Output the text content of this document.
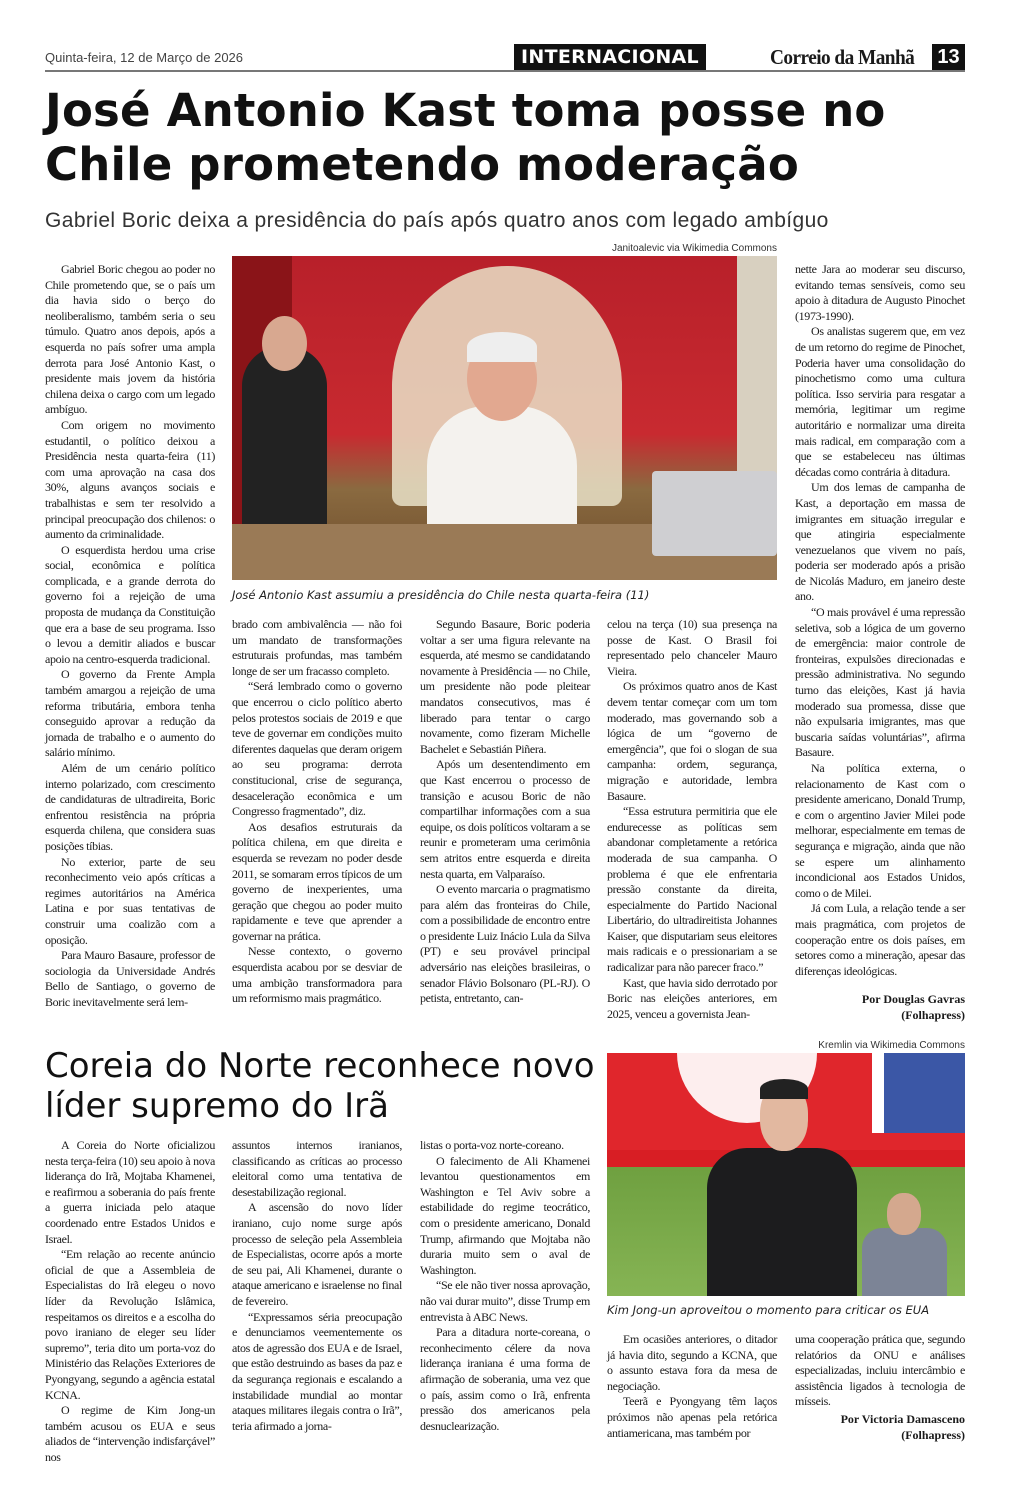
Quinta-feira, 12 de Março de 2026	INTERNACIONAL	Correio da Manhã 13
José Antonio Kast toma posse no Chile prometendo moderação
Gabriel Boric deixa a presidência do país após quatro anos com legado ambíguo
Janitoalevic via Wikimedia Commons
José Antonio Kast assumiu a presidência do Chile nesta quarta-feira (11)

Gabriel Boric chegou ao poder no Chile prometendo que, se o país um dia havia sido o berço do neoliberalismo, também seria o seu túmulo. Quatro anos depois, após a esquerda no país sofrer uma ampla derrota para José Antonio Kast, o presidente mais jovem da história chilena deixa o cargo com um legado ambíguo.

Com origem no movimento estudantil, o político deixou a Presidência nesta quarta-feira (11) com uma aprovação na casa dos 30%, alguns avanços sociais e trabalhistas e sem ter resolvido a principal preocupação dos chilenos: o aumento da criminalidade.

O esquerdista herdou uma crise social, econômica e política complicada, e a grande derrota do governo foi a rejeição de uma proposta de mudança da Constituição que era a base de seu programa. Isso o levou a demitir aliados e buscar apoio na centro-esquerda tradicional.

O governo da Frente Ampla também amargou a rejeição de uma reforma tributária, embora tenha conseguido aprovar a redução da jornada de trabalho e o aumento do salário mínimo.

Além de um cenário político interno polarizado, com crescimento de candidaturas de ultradireita, Boric enfrentou resistência na própria esquerda chilena, que considera suas posições tíbias.

No exterior, parte de seu reconhecimento veio após críticas a regimes autoritários na América Latina e por suas tentativas de construir uma coalizão com a oposição.

Para Mauro Basaure, professor de sociologia da Universidade Andrés Bello de Santiago, o governo de Boric inevitavelmente será lem-

brado com ambivalência — não foi um mandato de transformações estruturais profundas, mas também longe de ser um fracasso completo.

“Será lembrado como o governo que encerrou o ciclo político aberto pelos protestos sociais de 2019 e que teve de governar em condições muito diferentes daquelas que deram origem ao seu programa: derrota constitucional, crise de segurança, desaceleração econômica e um Congresso fragmentado”, diz.

Aos desafios estruturais da política chilena, em que direita e esquerda se revezam no poder desde 2011, se somaram erros típicos de um governo de inexperientes, uma geração que chegou ao poder muito rapidamente e teve que aprender a governar na prática.

Nesse contexto, o governo esquerdista acabou por se desviar de uma ambição transformadora para um reformismo mais pragmático.

Segundo Basaure, Boric poderia voltar a ser uma figura relevante na esquerda, até mesmo se candidatando novamente à Presidência — no Chile, um presidente não pode pleitear mandatos consecutivos, mas é liberado para tentar o cargo novamente, como fizeram Michelle Bachelet e Sebastián Piñera.

Após um desentendimento em que Kast encerrou o processo de transição e acusou Boric de não compartilhar informações com a sua equipe, os dois políticos voltaram a se reunir e prometeram uma cerimônia sem atritos entre esquerda e direita nesta quarta, em Valparaíso.

O evento marcaria o pragmatismo para além das fronteiras do Chile, com a possibilidade de encontro entre o presidente Luiz Inácio Lula da Silva (PT) e seu provável principal adversário nas eleições brasileiras, o senador Flávio Bolsonaro (PL-RJ). O petista, entretanto, can-

celou na terça (10) sua presença na posse de Kast. O Brasil foi representado pelo chanceler Mauro Vieira.

Os próximos quatro anos de Kast devem tentar começar com um tom moderado, mas governando sob a lógica de um “governo de emergência”, que foi o slogan de sua campanha: ordem, segurança, migração e autoridade, lembra Basaure.

“Essa estrutura permitiria que ele endurecesse as políticas sem abandonar completamente a retórica moderada de sua campanha. O problema é que ele enfrentaria pressão constante da direita, especialmente do Partido Nacional Libertário, do ultradireitista Johannes Kaiser, que disputariam seus eleitores mais radicais e o pressionariam a se radicalizar para não parecer fraco.”

Kast, que havia sido derrotado por Boric nas eleições anteriores, em 2025, venceu a governista Jean-

nette Jara ao moderar seu discurso, evitando temas sensíveis, como seu apoio à ditadura de Augusto Pinochet (1973-1990).

Os analistas sugerem que, em vez de um retorno do regime de Pinochet, Poderia haver uma consolidação do pinochetismo como uma cultura política. Isso serviria para resgatar a memória, legitimar um regime autoritário e normalizar uma direita mais radical, em comparação com a que se estabeleceu nas últimas décadas como contrária à ditadura.

Um dos lemas de campanha de Kast, a deportação em massa de imigrantes em situação irregular e que atingiria especialmente venezuelanos que vivem no país, poderia ser moderado após a prisão de Nicolás Maduro, em janeiro deste ano.

“O mais provável é uma repressão seletiva, sob a lógica de um governo de emergência: maior controle de fronteiras, expulsões direcionadas e pressão administrativa. No segundo turno das eleições, Kast já havia moderado sua promessa, disse que não expulsaria imigrantes, mas que buscaria saídas voluntárias”, afirma Basaure.

Na política externa, o relacionamento de Kast com o presidente americano, Donald Trump, e com o argentino Javier Milei pode melhorar, especialmente em temas de segurança e migração, ainda que não se espere um alinhamento incondicional aos Estados Unidos, como o de Milei.

Já com Lula, a relação tende a ser mais pragmática, com projetos de cooperação entre os dois países, em setores como a mineração, apesar das diferenças ideológicas.

Por Douglas Gavras
(Folhapress)
Coreia do Norte reconhece novo líder supremo do Irã
Kremlin via Wikimedia Commons
Kim Jong-un aproveitou o momento para criticar os EUA

A Coreia do Norte oficializou nesta terça-feira (10) seu apoio à nova liderança do Irã, Mojtaba Khamenei, e reafirmou a soberania do país frente a guerra iniciada pelo ataque coordenado entre Estados Unidos e Israel.

“Em relação ao recente anúncio oficial de que a Assembleia de Especialistas do Irã elegeu o novo líder da Revolução Islâmica, respeitamos os direitos e a escolha do povo iraniano de eleger seu líder supremo”, teria dito um porta-voz do Ministério das Relações Exteriores de Pyongyang, segundo a agência estatal KCNA.

O regime de Kim Jong-un também acusou os EUA e seus aliados de “intervenção indisfarçável” nos

assuntos internos iranianos, classificando as críticas ao processo eleitoral como uma tentativa de desestabilização regional.

A ascensão do novo líder iraniano, cujo nome surge após processo de seleção pela Assembleia de Especialistas, ocorre após a morte de seu pai, Ali Khamenei, durante o ataque americano e israelense no final de fevereiro.

“Expressamos séria preocupação e denunciamos veementemente os atos de agressão dos EUA e de Israel, que estão destruindo as bases da paz e da segurança regionais e escalando a instabilidade mundial ao montar ataques militares ilegais contra o Irã”, teria afirmado a jorna-

listas o porta-voz norte-coreano.

O falecimento de Ali Khamenei levantou questionamentos em Washington e Tel Aviv sobre a estabilidade do regime teocrático, com o presidente americano, Donald Trump, afirmando que Mojtaba não duraria muito sem o aval de Washington.

“Se ele não tiver nossa aprovação, não vai durar muito”, disse Trump em entrevista à ABC News.

Para a ditadura norte-coreana, o reconhecimento célere da nova liderança iraniana é uma forma de afirmação de soberania, uma vez que o país, assim como o Irã, enfrenta pressão dos americanos pela desnuclearização.

Em ocasiões anteriores, o ditador já havia dito, segundo a KCNA, que o assunto estava fora da mesa de negociação.

Teerã e Pyongyang têm laços próximos não apenas pela retórica antiamericana, mas também por

uma cooperação prática que, segundo relatórios da ONU e análises especializadas, incluiu intercâmbio e assistência ligados à tecnologia de mísseis.

Por Victoria Damasceno
(Folhapress)
